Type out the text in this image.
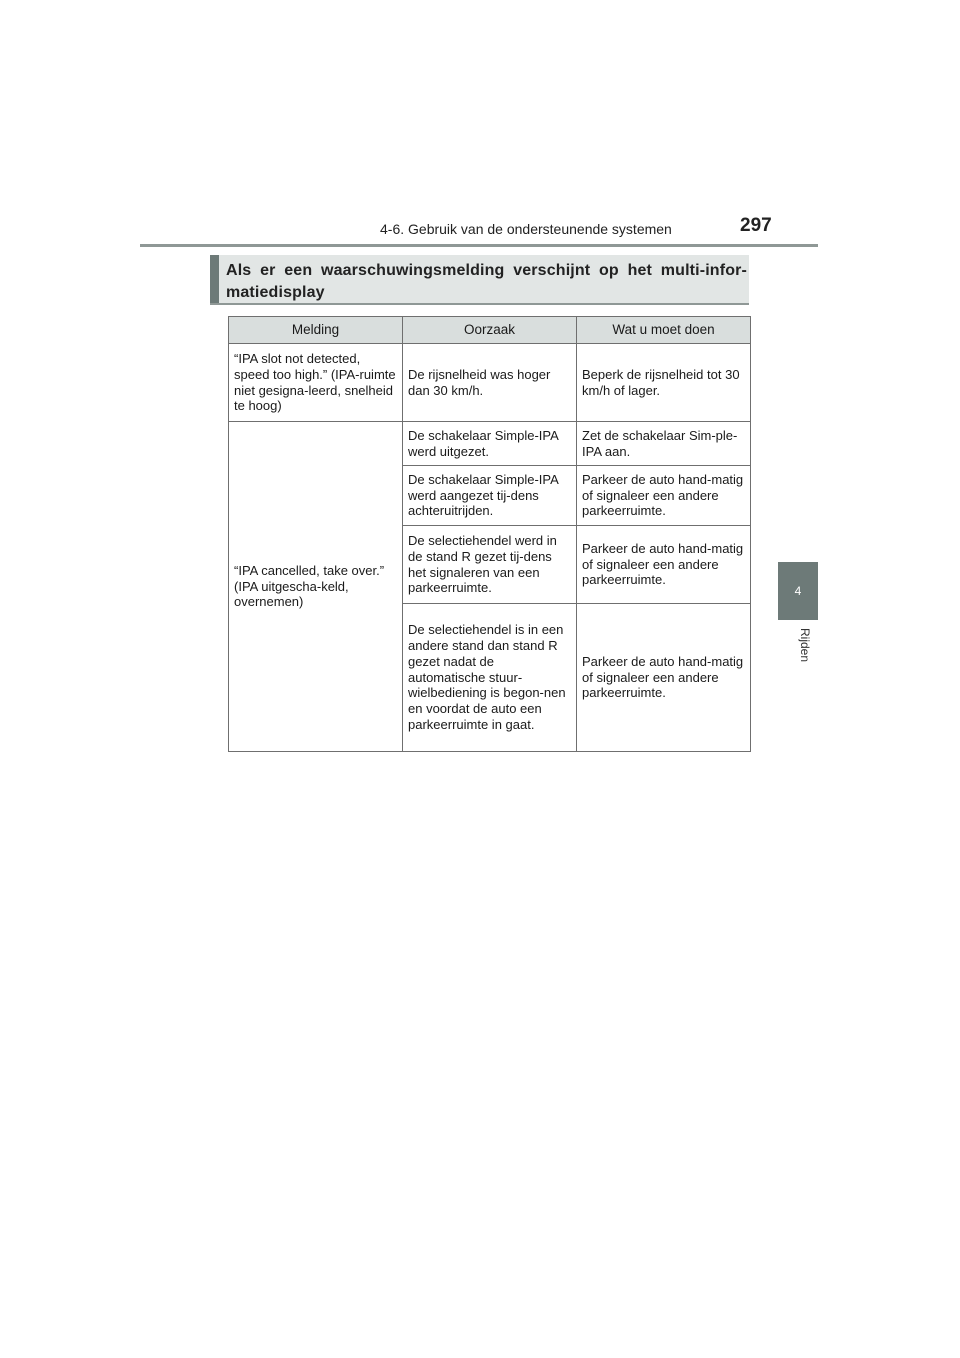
4-6. Gebruik van de ondersteunende systemen	297
4
Rijden
Als er een waarschuwingsmelding verschijnt op het multi-infor-matiedisplay
Melding	Oorzaak	Wat u moet doen
“IPA slot not detected, speed too high.” (IPA-ruimte niet gesigna-leerd, snelheid te hoog)	De rijsnelheid was hoger dan 30 km/h.	Beperk de rijsnelheid tot 30 km/h of lager.
“IPA cancelled, take over.” (IPA uitgescha-keld, overnemen)	De schakelaar Simple-IPA werd uitgezet.	Zet de schakelaar Sim-ple-IPA aan.
	De schakelaar Simple-IPA werd aangezet tij-dens achteruitrijden.	Parkeer de auto hand-matig of signaleer een andere parkeerruimte.
	De selectiehendel werd in de stand R gezet tij-dens het signaleren van een parkeerruimte.	Parkeer de auto hand-matig of signaleer een andere parkeerruimte.
	De selectiehendel is in een andere stand dan stand R gezet nadat de automatische stuur-wielbediening is begon-nen en voordat de auto een parkeerruimte in gaat.	Parkeer de auto hand-matig of signaleer een andere parkeerruimte.
